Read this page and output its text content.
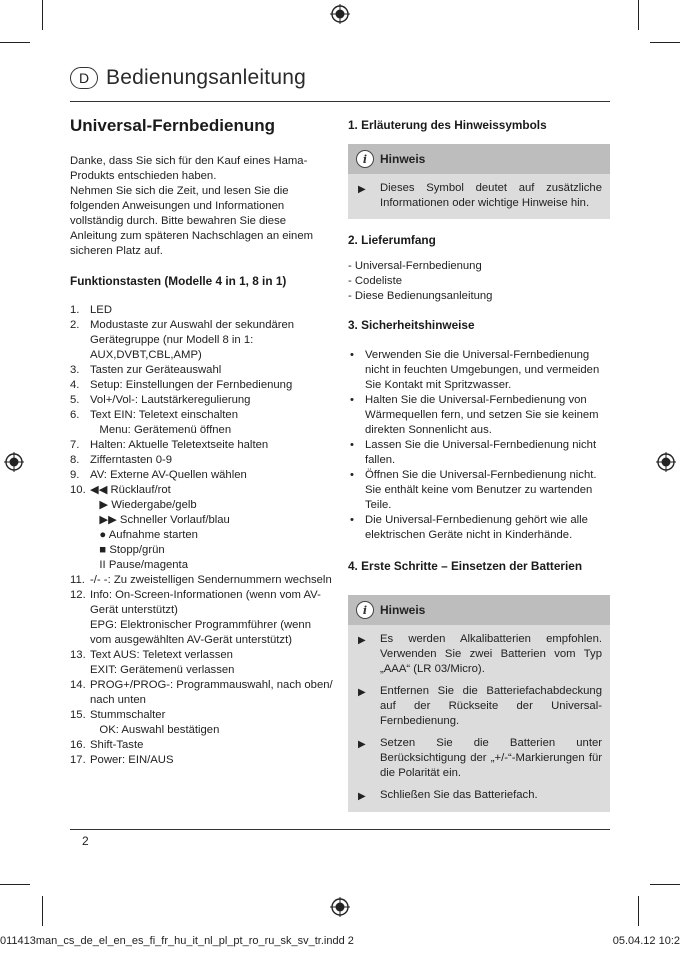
D Bedienungsanleitung
Universal-Fernbedienung
Danke, dass Sie sich für den Kauf eines Hama-
Produkts entschieden haben.
Nehmen Sie sich die Zeit, und lesen Sie die
folgenden Anweisungen und Informationen
vollständig durch. Bitte bewahren Sie diese
Anleitung zum späteren Nachschlagen an einem
sicheren Platz auf.
Funktionstasten (Modelle 4 in 1, 8 in 1)
1. LED
2. Modustaste zur Auswahl der sekundären
Gerätegruppe (nur Modell 8 in 1:
AUX,DVBT,CBL,AMP)
3. Tasten zur Geräteauswahl
4. Setup: Einstellungen der Fernbedienung
5. Vol+/Vol-: Lautstärkeregulierung
6. Text EIN: Teletext einschalten
Menu: Gerätemenü öffnen
7. Halten: Aktuelle Teletextseite halten
8. Zifferntasten 0-9
9. AV: Externe AV-Quellen wählen
10. ◀◀ Rücklauf/rot
▶ Wiedergabe/gelb
▶▶ Schneller Vorlauf/blau
● Aufnahme starten
■ Stopp/grün
II Pause/magenta
11. -/- -: Zu zweistelligen Sendernummern wechseln
12. Info: On-Screen-Informationen (wenn vom AV-
Gerät unterstützt)
EPG: Elektronischer Programmführer (wenn
vom ausgewählten AV-Gerät unterstützt)
13. Text AUS: Teletext verlassen
EXIT: Gerätemenü verlassen
14. PROG+/PROG-: Programmauswahl, nach oben/
nach unten
15. Stummschalter
OK: Auswahl bestätigen
16. Shift-Taste
17. Power: EIN/AUS
1. Erläuterung des Hinweissymbols
i	Hinweis
▶	Dieses Symbol deutet auf zusätzliche Informationen oder wichtige Hinweise hin.
2. Lieferumfang
- Universal-Fernbedienung
- Codeliste
- Diese Bedienungsanleitung
3. Sicherheitshinweise
• Verwenden Sie die Universal-Fernbedienung nicht in feuchten Umgebungen, und vermeiden Sie Kontakt mit Spritzwasser.
• Halten Sie die Universal-Fernbedienung von Wärmequellen fern, und setzen Sie sie keinem direkten Sonnenlicht aus.
• Lassen Sie die Universal-Fernbedienung nicht fallen.
• Öffnen Sie die Universal-Fernbedienung nicht. Sie enthält keine vom Benutzer zu wartenden Teile.
• Die Universal-Fernbedienung gehört wie alle elektrischen Geräte nicht in Kinderhände.
4. Erste Schritte – Einsetzen der Batterien
i	Hinweis
▶	Es werden Alkalibatterien empfohlen. Verwenden Sie zwei Batterien vom Typ „AAA“ (LR 03/Micro).
▶	Entfernen Sie die Batteriefachabdeckung auf der Rückseite der Universal-Fernbedienung.
▶	Setzen Sie die Batterien unter Berücksichtigung der „+/-“-Markierungen für die Polarität ein.
▶	Schließen Sie das Batteriefach.
2
011413man_cs_de_el_en_es_fi_fr_hu_it_nl_pl_pt_ro_ru_sk_sv_tr.indd 2	05.04.12 10:2
